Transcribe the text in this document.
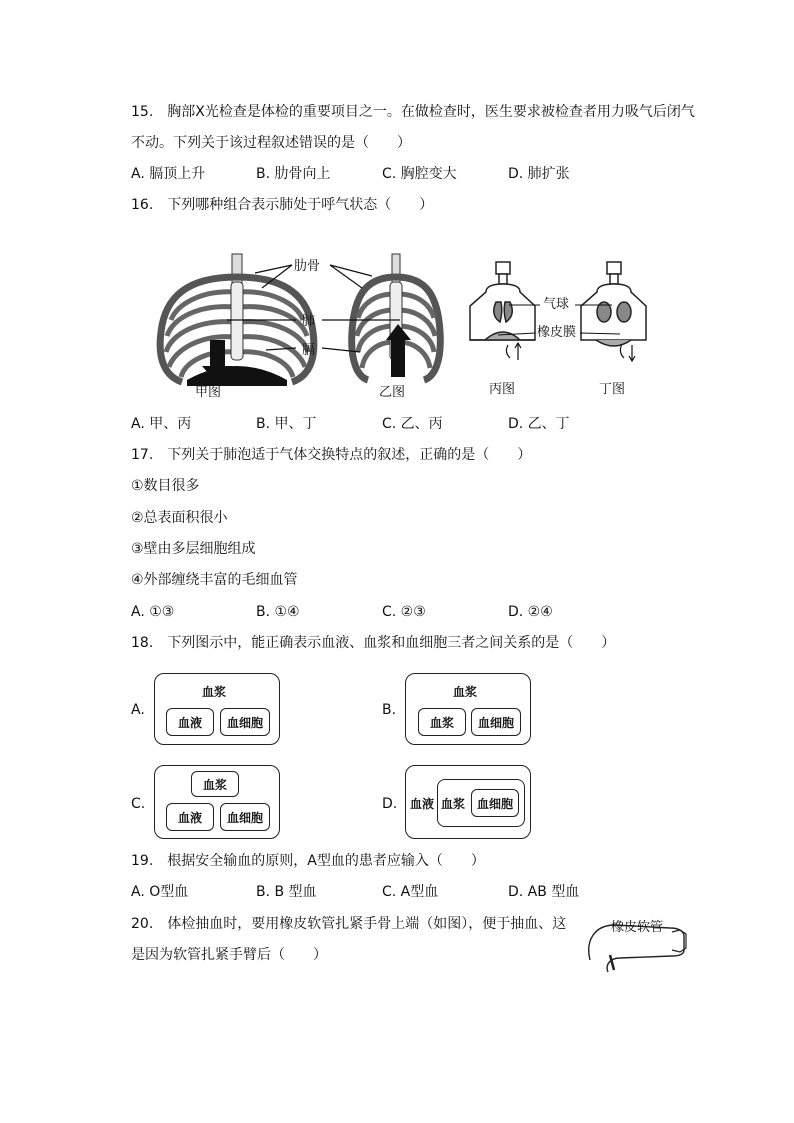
15.　胸部X光检查是体检的重要项目之一。在做检查时，医生要求被检查者用力吸气后闭气
不动。下列关于该过程叙述错误的是（　　）
A. 膈顶上升	B. 肋骨向上	C. 胸腔变大	D. 肺扩张
16.　下列哪种组合表示肺处于呼气状态（　　）
肋骨
肺
膈
气球
橡皮膜
甲图	乙图	丙图	丁图
A. 甲、丙	B. 甲、丁	C. 乙、丙	D. 乙、丁
17.　下列关于肺泡适于气体交换特点的叙述，正确的是（　　）
①数目很多
②总表面积很小
③壁由多层细胞组成
④外部缠绕丰富的毛细血管
A. ①③	B. ①④	C. ②③	D. ②④
18.　下列图示中，能正确表示血液、血浆和血细胞三者之间关系的是（　　）
A.
血浆
血液	血细胞
B.
血浆
血浆	血细胞
C.
血浆
血液	血细胞
D. 血液 血浆 血细胞
19.　根据安全输血的原则，A型血的患者应输入（　　）
A. O型血	B. B 型血	C. A型血	D. AB 型血
20.　体检抽血时，要用橡皮软管扎紧手骨上端（如图），便于抽血、这
是因为软管扎紧手臂后（　　）
橡皮软管
